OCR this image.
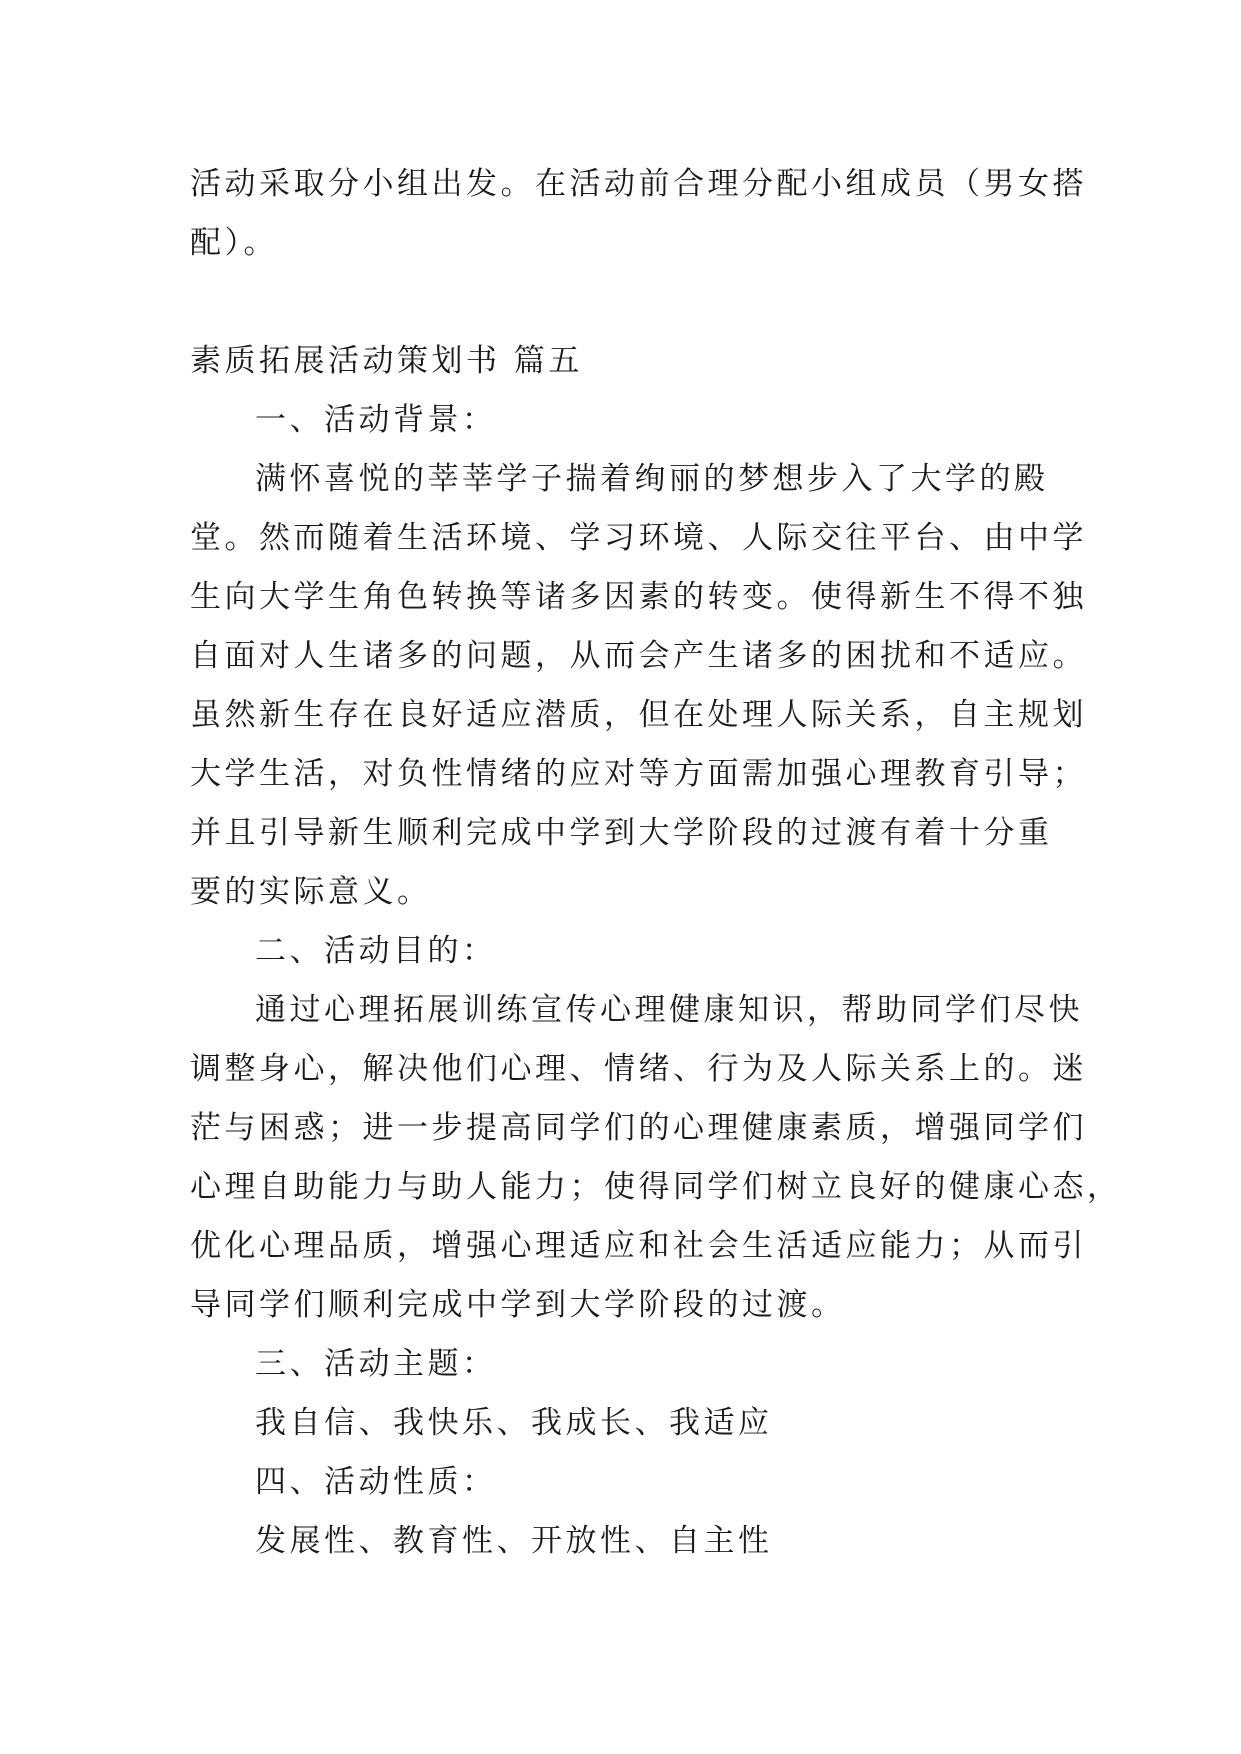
活动采取分小组出发。在活动前合理分配小组成员（男女搭

配）。

素质拓展活动策划书 篇五

一、活动背景：

满怀喜悦的莘莘学子揣着绚丽的梦想步入了大学的殿

堂。然而随着生活环境、学习环境、人际交往平台、由中学

生向大学生角色转换等诸多因素的转变。使得新生不得不独

自面对人生诸多的问题，从而会产生诸多的困扰和不适应。

虽然新生存在良好适应潜质，但在处理人际关系，自主规划

大学生活，对负性情绪的应对等方面需加强心理教育引导；

并且引导新生顺利完成中学到大学阶段的过渡有着十分重

要的实际意义。

二、活动目的：

通过心理拓展训练宣传心理健康知识，帮助同学们尽快

调整身心，解决他们心理、情绪、行为及人际关系上的。迷

茫与困惑；进一步提高同学们的心理健康素质，增强同学们

心理自助能力与助人能力；使得同学们树立良好的健康心态，

优化心理品质，增强心理适应和社会生活适应能力；从而引

导同学们顺利完成中学到大学阶段的过渡。

三、活动主题：

我自信、我快乐、我成长、我适应

四、活动性质：

发展性、教育性、开放性、自主性
